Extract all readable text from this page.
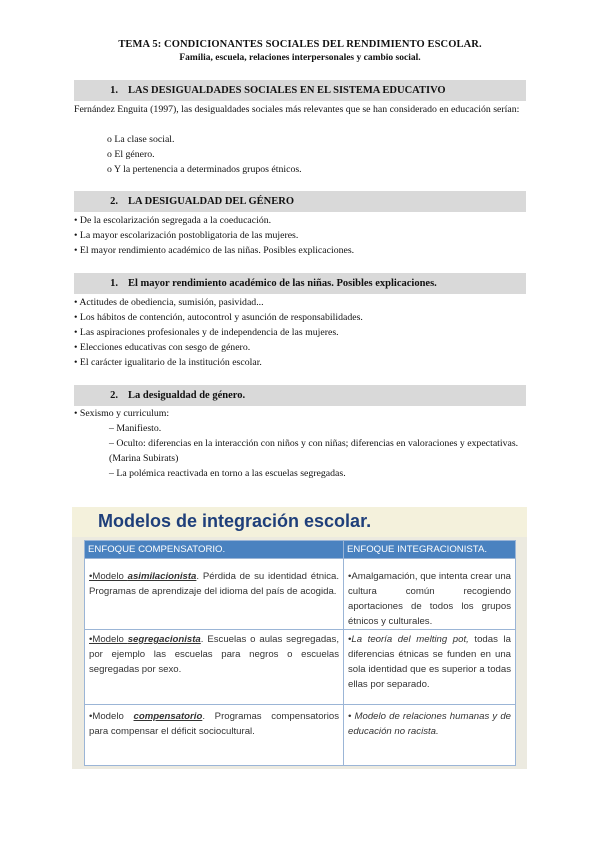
TEMA 5: CONDICIONANTES SOCIALES DEL RENDIMIENTO ESCOLAR.
Familia, escuela, relaciones interpersonales y cambio social.
1. LAS DESIGUALDADES SOCIALES EN EL SISTEMA EDUCATIVO
Fernández Enguita (1997), las desigualdades sociales más relevantes que se han considerado en educación serían:
o La clase social.
o El género.
o Y la pertenencia a determinados grupos étnicos.
2. LA DESIGUALDAD DEL GÉNERO
• De la escolarización segregada a la coeducación.
• La mayor escolarización postobligatoria de las mujeres.
• El mayor rendimiento académico de las niñas. Posibles explicaciones.
1. El mayor rendimiento académico de las niñas. Posibles explicaciones.
• Actitudes de obediencia, sumisión, pasividad...
• Los hábitos de contención, autocontrol y asunción de responsabilidades.
• Las aspiraciones profesionales y de independencia de las mujeres.
• Elecciones educativas con sesgo de género.
• El carácter igualitario de la institución escolar.
2. La desigualdad de género.
• Sexismo y curriculum:
– Manifiesto.
– Oculto: diferencias en la interacción con niños y con niñas; diferencias en valoraciones y expectativas. (Marina Subirats)
– La polémica reactivada en torno a las escuelas segregadas.
Modelos de integración escolar.
ENFOQUE COMPENSATORIO.	ENFOQUE INTEGRACIONISTA.
•Modelo asimilacionista. Pérdida de su identidad étnica. Programas de aprendizaje del idioma del país de acogida.	•Amalgamación, que intenta crear una cultura común recogiendo aportaciones de todos los grupos étnicos y culturales.
•Modelo segregacionista. Escuelas o aulas segregadas, por ejemplo las escuelas para negros o escuelas segregadas por sexo.	•La teoría del melting pot, todas la diferencias étnicas se funden en una sola identidad que es superior a todas ellas por separado.
•Modelo compensatorio. Programas compensatorios para compensar el déficit sociocultural.	• Modelo de relaciones humanas y de educación no racista.
